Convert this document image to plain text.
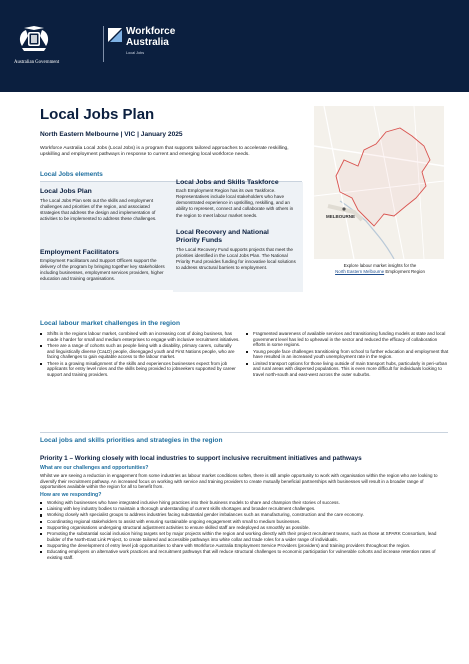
Australian Government
Workforce
Australia
Local Jobs
Local Jobs Plan
North Eastern Melbourne | VIC | January 2025
Workforce Australia Local Jobs (Local Jobs) is a program that supports tailored approaches to accelerate reskilling, upskilling and employment pathways in response to current and emerging local workforce needs.
Local Jobs elements
Local Jobs Plan
The Local Jobs Plan sets out the skills and employment challenges and priorities of the region, and associated strategies that address the design and implementation of activities to be implemented to address these challenges.
Employment Facilitators
Employment Facilitators and Support Officers support the delivery of the program by bringing together key stakeholders including businesses, employment services providers, higher education and training organisations.
Local Jobs and Skills Taskforce
Each Employment Region has its own Taskforce. Representatives include local stakeholders who have demonstrated experience in upskilling, reskilling, and an ability to represent, connect and collaborate with others in the region to meet labour market needs.
Local Recovery and National
Priority Funds
The Local Recovery Fund supports projects that meet the priorities identified in the Local Jobs Plan. The National Priority Fund provides funding for innovative local solutions to address structural barriers to employment.
MELBOURNE
Explore labour market insights for the
North Eastern Melbourne Employment Region
Local labour market challenges in the region
Shifts in the regions labour market, combined with an increasing cost of doing business, has made it harder for small and medium enterprises to engage with inclusive recruitment initiatives.
There are a range of cohorts such as people living with a disability, primary carers, culturally and linguistically diverse (CaLD) people, disengaged youth and First Nations people, who are facing challenges to gain equitable access to the labour market.
There is a growing misalignment of the skills and experiences businesses expect from job applicants for entry level roles and the skills being provided to jobseekers supported by career support and training providers.
Fragmented awareness of available services and transitioning funding models at state and local government level has led to upheaval in the sector and reduced the efficacy of collaboration efforts in some regions.
Young people face challenges transitioning from school to further education and employment that have resulted in an increased youth unemployment rate in the region.
Limited transport options for those living outside of main transport hubs, particularly in peri-urban and rural areas with dispersed populations. This is even more difficult for individuals looking to travel north-south and east-west across the outer suburbs.
Local jobs and skills priorities and strategies in the region
Priority 1 – Working closely with local industries to support inclusive recruitment initiatives and pathways
What are our challenges and opportunities?
Whilst we are seeing a reduction in engagement from some industries as labour market conditions soften, there is still ample opportunity to work with organisation within the region who are looking to diversify their recruitment pathway. An increased focus on working with service and training providers to create mutually beneficial partnerships with businesses will result in a broader range of opportunities available within the region for all to benefit from.
How are we responding?
Working with businesses who have integrated inclusive hiring practices into their business models to share and champion their stories of success.
Liaising with key industry bodies to maintain a thorough understanding of current skills shortages and broader recruitment challenges.
Working closely with specialist groups to address industries facing substantial gender imbalances such as manufacturing, construction and the care economy.
Coordinating regional stakeholders to assist with ensuring sustainable ongoing engagement with small to medium businesses.
Supporting organisations undergoing structural adjustment activities to ensure skilled staff are redeployed as smoothly as possible.
Promoting the substantial social inclusion hiring targets set by major projects within the region and working directly with their project recruitment teams, such as those at SPARK Consortium, lead builder of the North-East Link Project, to create tailored and accessible pathways into white collar and trade roles for a wider range of individuals.
Supporting the development of entry level job opportunities to share with Workforce Australia Employment Service Providers (providers) and training providers throughout the region.
Educating employers on alternative work practices and recruitment pathways that will reduce structural challenges to economic participation for vulnerable cohorts and increase retention rates of existing staff.
